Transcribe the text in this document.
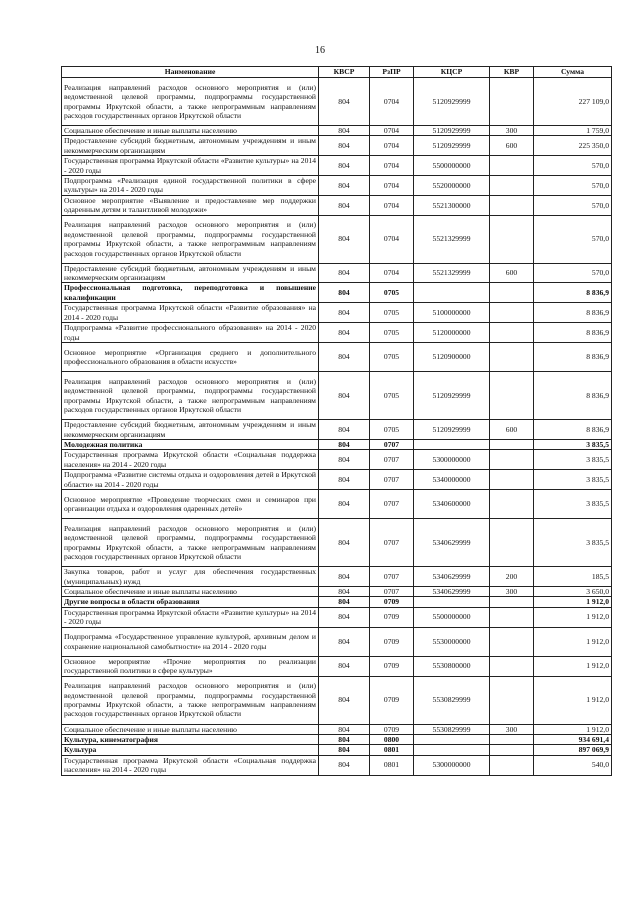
16
Наименование	КВСР	РзПР	КЦСР	КВР	Сумма
Реализация направлений расходов основного мероприятия и (или) ведомственной целевой программы, подпрограммы государственной программы Иркутской области, а также непрограммным направлениям расходов государственных органов Иркутской области	804	0704	5120929999		227 109,0
Социальное обеспечение и иные выплаты населению	804	0704	5120929999	300	1 759,0
Предоставление субсидий бюджетным, автономным учреждениям и иным некоммерческим организациям	804	0704	5120929999	600	225 350,0
Государственная программа Иркутской области «Развитие культуры» на 2014 - 2020 годы	804	0704	5500000000		570,0
Подпрограмма «Реализация единой государственной политики в сфере культуры» на 2014 - 2020 годы	804	0704	5520000000		570,0
Основное мероприятие «Выявление и предоставление мер поддержки одаренным детям и талантливой молодежи»	804	0704	5521300000		570,0
Реализация направлений расходов основного мероприятия и (или) ведомственной целевой программы, подпрограммы государственной программы Иркутской области, а также непрограммным направлениям расходов государственных органов Иркутской области	804	0704	5521329999		570,0
Предоставление субсидий бюджетным, автономным учреждениям и иным некоммерческим организациям	804	0704	5521329999	600	570,0
Профессиональная подготовка, переподготовка и повышение квалификации	804	0705			8 836,9
Государственная программа Иркутской области «Развитие образования» на 2014 - 2020 годы	804	0705	5100000000		8 836,9
Подпрограмма «Развитие профессионального образования» на 2014 - 2020 годы	804	0705	5120000000		8 836,9
Основное мероприятие «Организация среднего и дополнительного профессионального образования в области искусств»	804	0705	5120900000		8 836,9
Реализация направлений расходов основного мероприятия и (или) ведомственной целевой программы, подпрограммы государственной программы Иркутской области, а также непрограммным направлениям расходов государственных органов Иркутской области	804	0705	5120929999		8 836,9
Предоставление субсидий бюджетным, автономным учреждениям и иным некоммерческим организациям	804	0705	5120929999	600	8 836,9
Молодежная политика	804	0707			3 835,5
Государственная программа Иркутской области «Социальная поддержка населения» на 2014 - 2020 годы	804	0707	5300000000		3 835,5
Подпрограмма «Развитие системы отдыха и оздоровления детей в Иркутской области» на 2014 - 2020 годы	804	0707	5340000000		3 835,5
Основное мероприятие «Проведение творческих смен и семинаров при организации отдыха и оздоровления одаренных детей»	804	0707	5340600000		3 835,5
Реализация направлений расходов основного мероприятия и (или) ведомственной целевой программы, подпрограммы государственной программы Иркутской области, а также непрограммным направлениям расходов государственных органов Иркутской области	804	0707	5340629999		3 835,5
Закупка товаров, работ и услуг для обеспечения государственных (муниципальных) нужд	804	0707	5340629999	200	185,5
Социальное обеспечение и иные выплаты населению	804	0707	5340629999	300	3 650,0
Другие вопросы в области образования	804	0709			1 912,0
Государственная программа Иркутской области «Развитие культуры» на 2014 - 2020 годы	804	0709	5500000000		1 912,0
Подпрограмма «Государственное управление культурой, архивным делом и сохранение национальной самобытности» на 2014 - 2020 годы	804	0709	5530000000		1 912,0
Основное мероприятие «Прочие мероприятия по реализации государственной политики в сфере культуры»	804	0709	5530800000		1 912,0
Реализация направлений расходов основного мероприятия и (или) ведомственной целевой программы, подпрограммы государственной программы Иркутской области, а также непрограммным направлениям расходов государственных органов Иркутской области	804	0709	5530829999		1 912,0
Социальное обеспечение и иные выплаты населению	804	0709	5530829999	300	1 912,0
Культура, кинематография	804	0800			934 691,4
Культура	804	0801			897 069,9
Государственная программа Иркутской области «Социальная поддержка населения» на 2014 - 2020 годы	804	0801	5300000000		540,0
